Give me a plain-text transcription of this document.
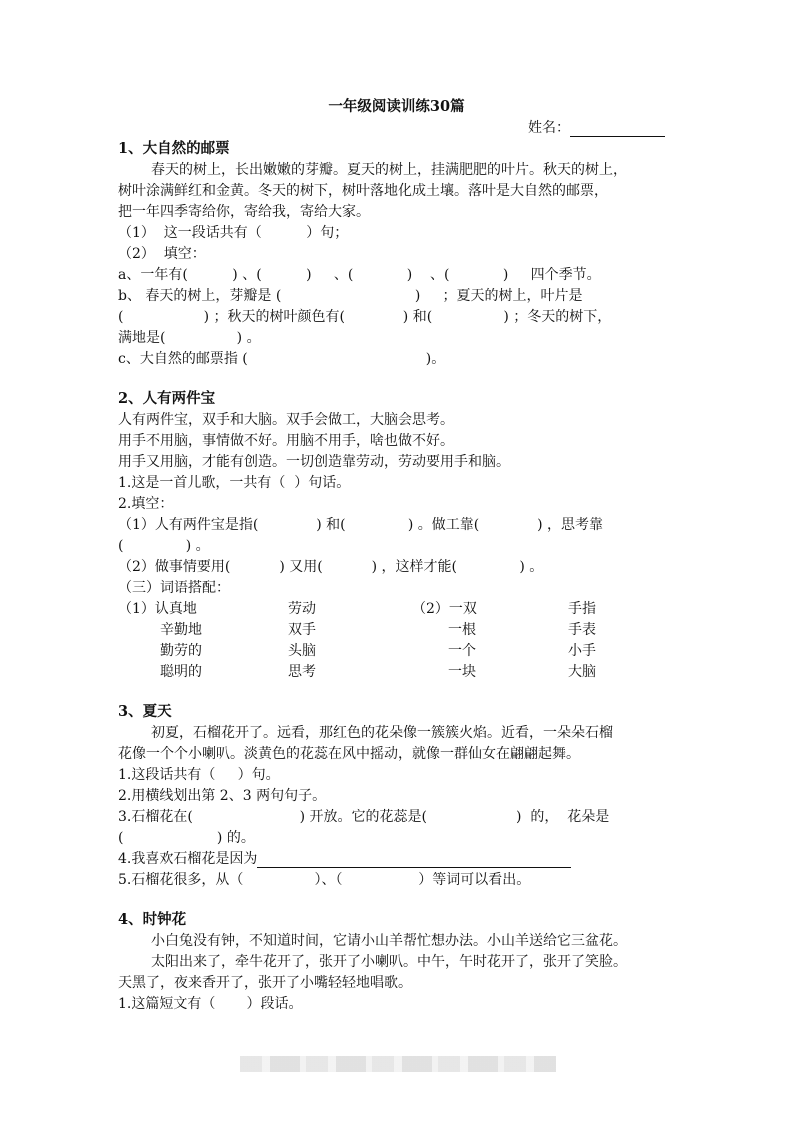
一年级阅读训练30篇
姓名：
1、大自然的邮票
春天的树上，长出嫩嫩的芽瓣。夏天的树上，挂满肥肥的叶片。秋天的树上，
树叶涂满鲜红和金黄。冬天的树下，树叶落地化成土壤。落叶是大自然的邮票，
把一年四季寄给你，寄给我，寄给大家。
（1）  这一段话共有（          ）句；
（2）  填空：
a、一年有(          ) 、(          )     、(            )    、(            )     四个季节。
b、 春天的树上，芽瓣是 (                              )     ；夏天的树上，叶片是
(                  ) ；秋天的树叶颜色有(             ) 和(                ) ；冬天的树下，
满地是(                ) 。
c、大自然的邮票指 (                                        )。
2、人有两件宝
人有两件宝，双手和大脑。双手会做工，大脑会思考。
用手不用脑，事情做不好。用脑不用手，啥也做不好。
用手又用脑，才能有创造。一切创造靠劳动，劳动要用手和脑。
1.这是一首儿歌，一共有（  ）句话。
2.填空：
（1）人有两件宝是指(             ) 和(              ) 。做工靠(             ) ，思考靠
(              ) 。
（2）做事情要用(           ) 又用(           ) ，这样才能(              ) 。
（三）词语搭配：
（1）认真地	劳动	（2）一双	手指
辛勤地	双手	一根	手表
勤劳的	头脑	一个	小手
聪明的	思考	一块	大脑
3、夏天
初夏，石榴花开了。远看，那红色的花朵像一簇簇火焰。近看，一朵朵石榴
花像一个个小喇叭。淡黄色的花蕊在风中摇动，就像一群仙女在翩翩起舞。
1.这段话共有（     ）句。
2.用横线划出第 2、3 两句句子。
3.石榴花在(                        ) 开放。它的花蕊是(                    )  的，  花朵是
(                     ) 的。
4.我喜欢石榴花是因为
5.石榴花很多，从（                ）、（                 ）等词可以看出。
4、时钟花
小白兔没有钟，不知道时间，它请小山羊帮忙想办法。小山羊送给它三盆花。
太阳出来了，牵牛花开了，张开了小喇叭。中午，午时花开了，张开了笑脸。
天黑了，夜来香开了，张开了小嘴轻轻地唱歌。
1.这篇短文有（       ）段话。
